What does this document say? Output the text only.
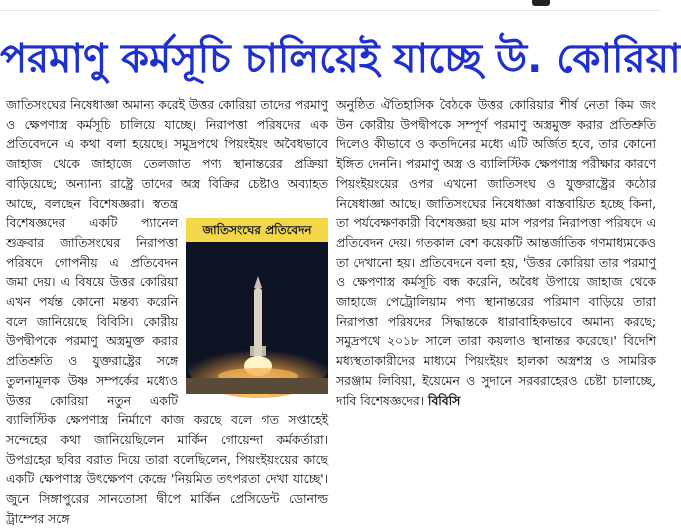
পরমাণু কর্মসূচি চালিয়েই যাচ্ছে উ. কোরিয়া
জাতিসংঘের প্রতিবেদন

জাতিসংঘের নিষেধাজ্ঞা অমান্য করেই উত্তর কোরিয়া তাদের পরমাণু ও ক্ষেপণাস্ত্র কর্মসূচি চালিয়ে যাচ্ছে। নিরাপত্তা পরিষদের এক প্রতিবেদনে এ কথা বলা হয়েছে। সমুদ্রপথে পিয়ংইয়ং অবৈধভাবে জাহাজ থেকে জাহাজে তেলজাত পণ্য স্থানান্তরের প্রক্রিয়া বাড়িয়েছে; অন্যান্য রাষ্ট্রে তাদের অস্ত্র বিক্রির চেষ্টাও অব্যাহত আছে, বলছেন বিশেষজ্ঞরা। স্বতন্ত্র বিশেষজ্ঞদের একটি প্যানেল শুক্রবার জাতিসংঘের নিরাপত্তা পরিষদে গোপনীয় এ প্রতিবেদন জমা দেয়। এ বিষয়ে উত্তর কোরিয়া এখন পর্যন্ত কোনো মন্তব্য করেনি বলে জানিয়েছে বিবিসি। কোরীয় উপদ্বীপকে পরমাণু অস্ত্রমুক্ত করার প্রতিশ্রুতি ও যুক্তরাষ্ট্রের সঙ্গে তুলনামূলক উষ্ণ সম্পর্কের মধ্যেও উত্তর কোরিয়া নতুন একটি ব্যালিস্টিক ক্ষেপণাস্ত্র নির্মাণে কাজ করছে বলে গত সপ্তাহেই সন্দেহের কথা জানিয়েছিলেন মার্কিন গোয়েন্দা কর্মকর্তারা। উপগ্রহের ছবির বরাত দিয়ে তারা বলেছিলেন, পিয়ংইয়ংয়ের কাছে একটি ক্ষেপণাস্ত্র উৎক্ষেপণ কেন্দ্রে 'নিয়মিত তৎপরতা দেখা যাচ্ছে'। জুনে সিঙ্গাপুরের সানতোসা দ্বীপে মার্কিন প্রেসিডেন্ট ডোনাল্ড ট্রাম্পের সঙ্গে

অনুষ্ঠিত ঐতিহাসিক বৈঠকে উত্তর কোরিয়ার শীর্ষ নেতা কিম জং উন কোরীয় উপদ্বীপকে সম্পূর্ণ পরমাণু অস্ত্রমুক্ত করার প্রতিশ্রুতি দিলেও কীভাবে ও কতদিনের মধ্যে এটি অর্জিত হবে, তার কোনো ইঙ্গিত দেননি। পরমাণু অস্ত্র ও ব্যালিস্টিক ক্ষেপণাস্ত্র পরীক্ষার কারণে পিয়ংইয়ংয়ের ওপর এখনো জাতিসংঘ ও যুক্তরাষ্ট্রের কঠোর নিষেধাজ্ঞা আছে। জাতিসংঘের নিষেধাজ্ঞা বাস্তবায়িত হচ্ছে কিনা, তা পর্যবেক্ষণকারী বিশেষজ্ঞরা ছয় মাস পরপর নিরাপত্তা পরিষদে এ প্রতিবেদন দেয়। গতকাল বেশ কয়েকটি আন্তর্জাতিক গণমাধ্যমকেও তা দেখানো হয়। প্রতিবেদনে বলা হয়, 'উত্তর কোরিয়া তার পরমাণু ও ক্ষেপণাস্ত্র কর্মসূচি বন্ধ করেনি, অবৈধ উপায়ে জাহাজ থেকে জাহাজে পেট্রোলিয়াম পণ্য স্থানান্তরের পরিমাণ বাড়িয়ে তারা নিরাপত্তা পরিষদের সিদ্ধান্তকে ধারাবাহিকভাবে অমান্য করছে; সমুদ্রপথে ২০১৮ সালে তারা কয়লাও স্থানান্তর করেছে।' বিদেশি মধ্যস্থতাকারীদের মাধ্যমে পিয়ংইয়ং হালকা অস্ত্রশস্ত্র ও সামরিক সরঞ্জাম লিবিয়া, ইয়েমেন ও সুদানে সরবরাহেরও চেষ্টা চালাচ্ছে, দাবি বিশেষজ্ঞদের। বিবিসি
